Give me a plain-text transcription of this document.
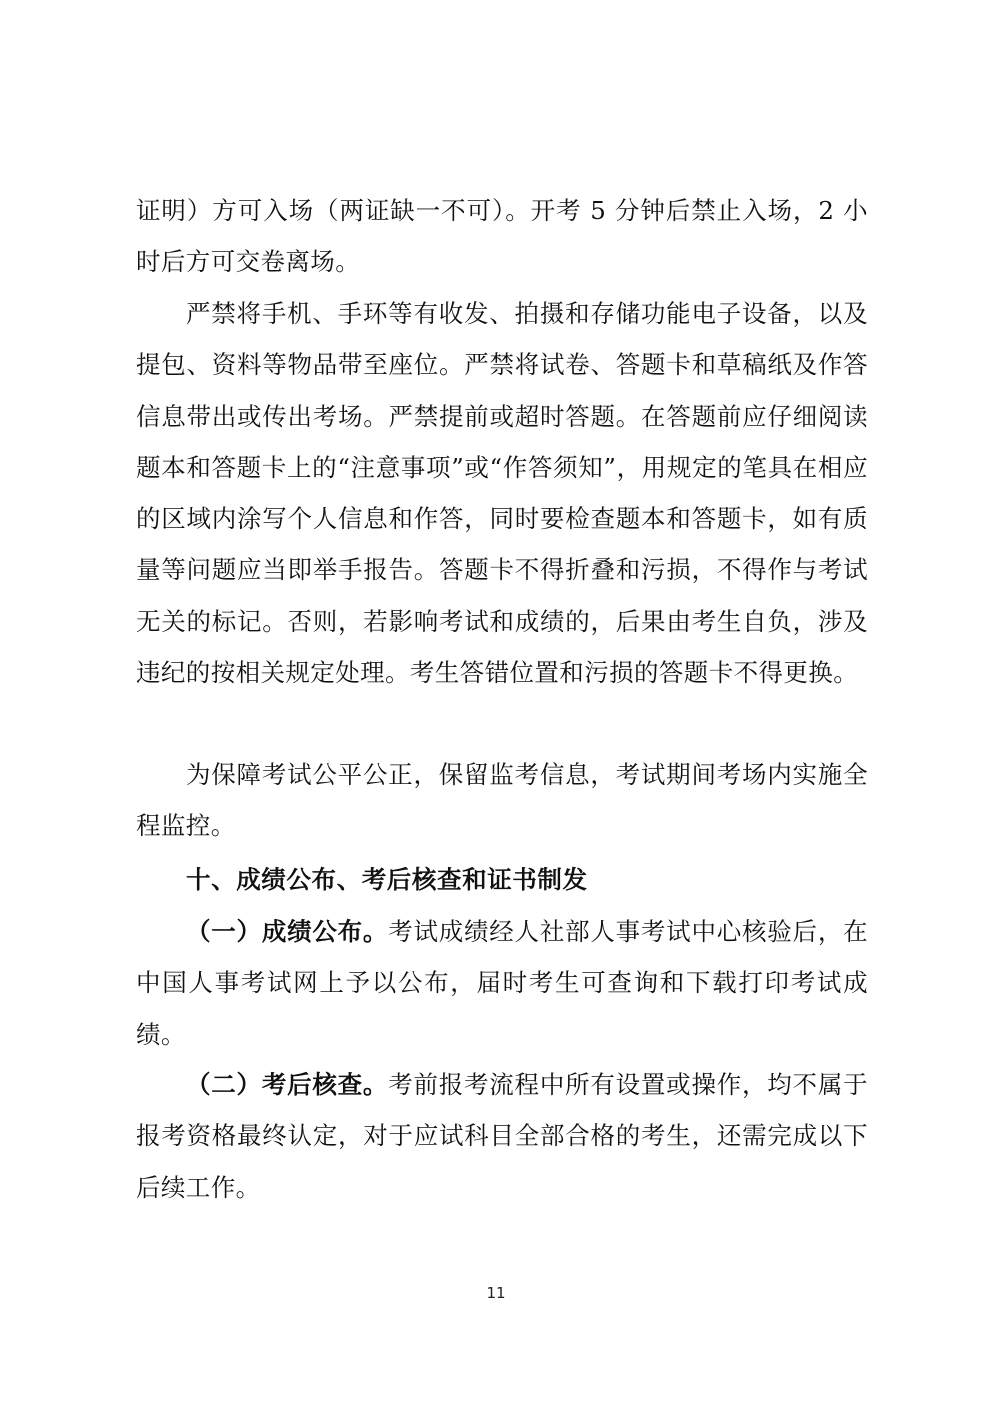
证明）方可入场（两证缺一不可）。开考 5 分钟后禁止入场，2 小时后方可交卷离场。

严禁将手机、手环等有收发、拍摄和存储功能电子设备，以及提包、资料等物品带至座位。严禁将试卷、答题卡和草稿纸及作答信息带出或传出考场。严禁提前或超时答题。在答题前应仔细阅读题本和答题卡上的“注意事项”或“作答须知”，用规定的笔具在相应的区域内涂写个人信息和作答，同时要检查题本和答题卡，如有质量等问题应当即举手报告。答题卡不得折叠和污损，不得作与考试无关的标记。否则，若影响考试和成绩的，后果由考生自负，涉及违纪的按相关规定处理。考生答错位置和污损的答题卡不得更换。

为保障考试公平公正，保留监考信息，考试期间考场内实施全程监控。

十、成绩公布、考后核查和证书制发

（一）成绩公布。考试成绩经人社部人事考试中心核验后，在中国人事考试网上予以公布，届时考生可查询和下载打印考试成绩。

（二）考后核查。考前报考流程中所有设置或操作，均不属于报考资格最终认定，对于应试科目全部合格的考生，还需完成以下后续工作。

11
